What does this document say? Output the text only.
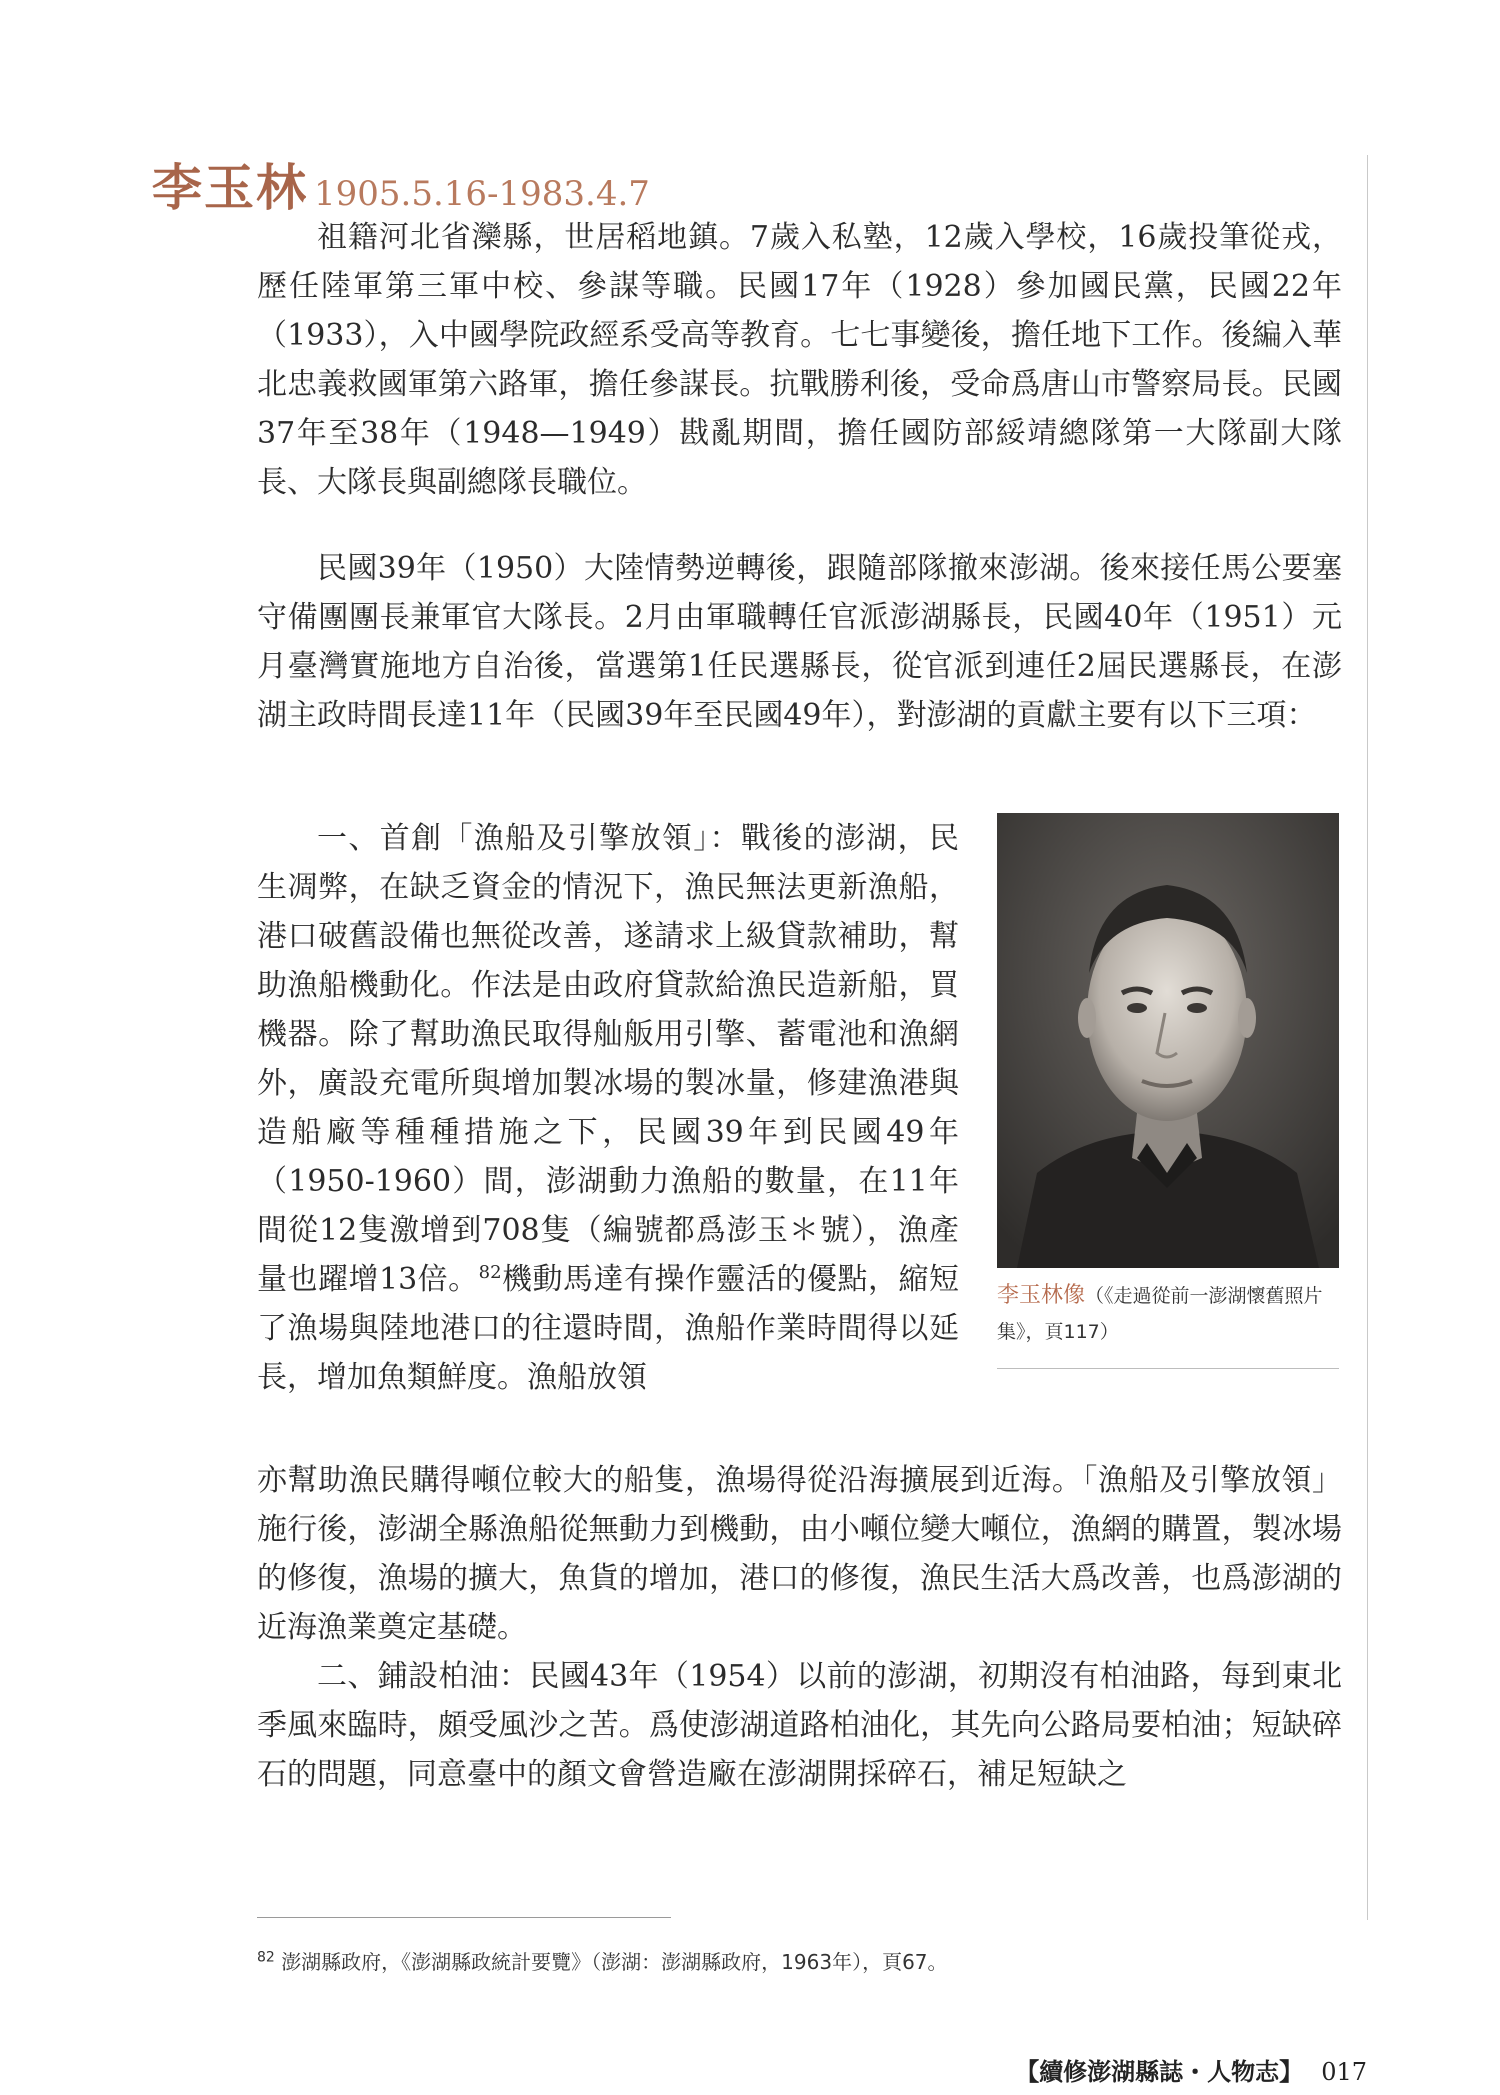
李玉林 1905.5.16-1983.4.7

祖籍河北省灤縣，世居稻地鎮。7歲入私塾，12歲入學校，16歲投筆從戎，歷任陸軍第三軍中校、參謀等職。民國17年（1928）參加國民黨，民國22年（1933），入中國學院政經系受高等教育。七七事變後，擔任地下工作。後編入華北忠義救國軍第六路軍，擔任參謀長。抗戰勝利後，受命爲唐山市警察局長。民國37年至38年（1948—1949）戡亂期間，擔任國防部綏靖總隊第一大隊副大隊長、大隊長與副總隊長職位。

民國39年（1950）大陸情勢逆轉後，跟隨部隊撤來澎湖。後來接任馬公要塞守備團團長兼軍官大隊長。2月由軍職轉任官派澎湖縣長，民國40年（1951）元月臺灣實施地方自治後，當選第1任民選縣長，從官派到連任2屆民選縣長，在澎湖主政時間長達11年（民國39年至民國49年），對澎湖的貢獻主要有以下三項：

一、首創「漁船及引擎放領」：戰後的澎湖，民生凋弊，在缺乏資金的情況下，漁民無法更新漁船，港口破舊設備也無從改善，遂請求上級貸款補助，幫助漁船機動化。作法是由政府貸款給漁民造新船，買機器。除了幫助漁民取得舢舨用引擎、蓄電池和漁網外，廣設充電所與增加製冰場的製冰量，修建漁港與造船廠等種種措施之下，民國39年到民國49年（1950-1960）間，澎湖動力漁船的數量，在11年間從12隻激增到708隻（編號都爲澎玉＊號），漁產量也躍增13倍。$^{82}$機動馬達有操作靈活的優點，縮短了漁場與陸地港口的往還時間，漁船作業時間得以延長，增加魚類鮮度。漁船放領

亦幫助漁民購得噸位較大的船隻，漁場得從沿海擴展到近海。「漁船及引擎放領」施行後，澎湖全縣漁船從無動力到機動，由小噸位變大噸位，漁網的購置，製冰場的修復，漁場的擴大，魚貨的增加，港口的修復，漁民生活大爲改善，也爲澎湖的近海漁業奠定基礎。

二、鋪設柏油：民國43年（1954）以前的澎湖，初期沒有柏油路，每到東北季風來臨時，頗受風沙之苦。爲使澎湖道路柏油化，其先向公路局要柏油；短缺碎石的問題，同意臺中的顏文會營造廠在澎湖開採碎石，補足短缺之

李玉林像（《走過從前一澎湖懷舊照片集》，頁117）
$^{82}$ 澎湖縣政府，《澎湖縣政統計要覽》（澎湖：澎湖縣政府，1963年），頁67。
【續修澎湖縣誌・人物志】 017
